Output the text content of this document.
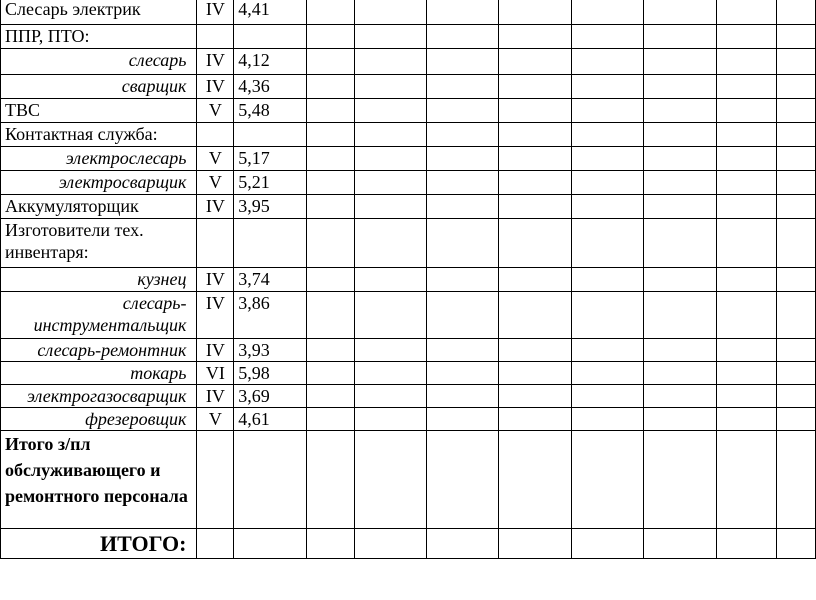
Слесарь электрик	IV	4,41								
ППР, ПТО:										
слесарь	IV	4,12								
сварщик	IV	4,36								
ТВС	V	5,48								
Контактная служба:										
электрослесарь	V	5,17								
электросварщик	V	5,21								
Аккумуляторщик	IV	3,95								
Изготовители тех. инвентаря:										
кузнец	IV	3,74								
слесарь-инструментальщик	IV	3,86								
слесарь-ремонтник	IV	3,93								
токарь	VI	5,98								
электрогазосварщик	IV	3,69								
фрезеровщик	V	4,61								
Итого з/пл обслуживающего и ремонтного персонала										
ИТОГО:										
